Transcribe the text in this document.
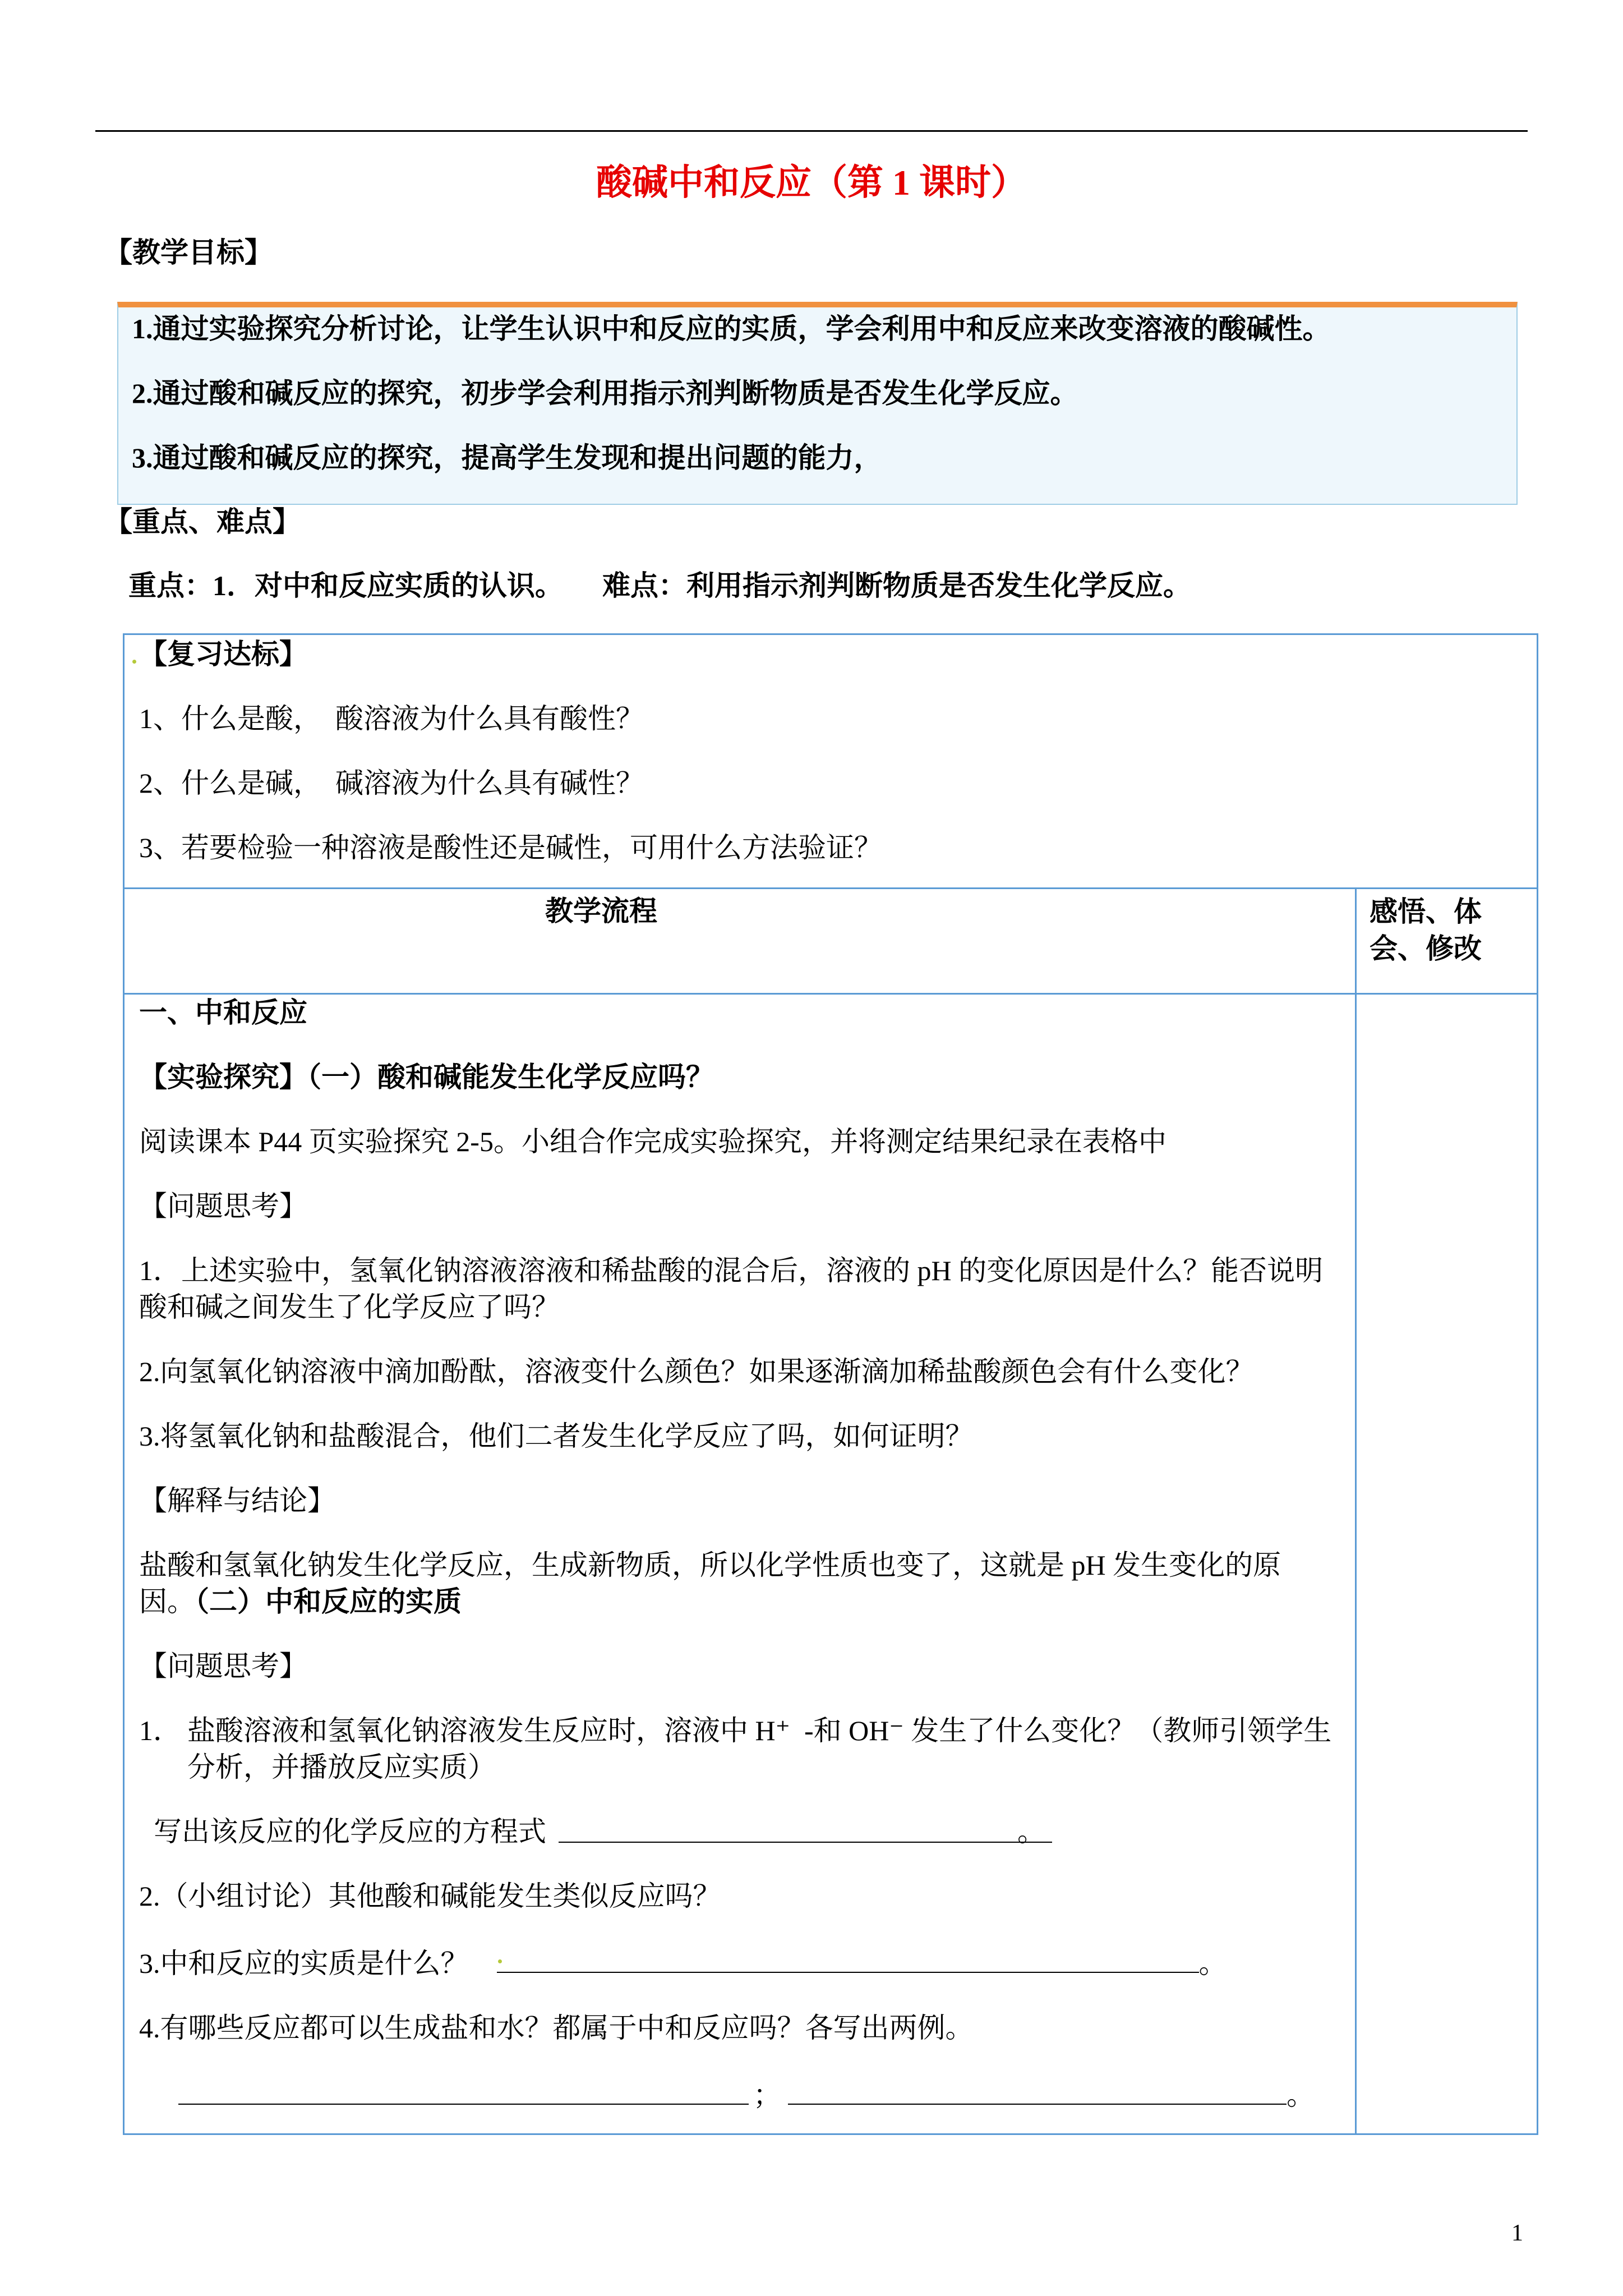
酸碱中和反应（第 1 课时）
【教学目标】

1.通过实验探究分析讨论，让学生认识中和反应的实质，学会利用中和反应来改变溶液的酸碱性。

2.通过酸和碱反应的探究，初步学会利用指示剂判断物质是否发生化学反应。

3.通过酸和碱反应的探究，提高学生发现和提出问题的能力，

【重点、难点】
重点：1．对中和反应实质的认识。 难点：利用指示剂判断物质是否发生化学反应。

【复习达标】

1、什么是酸，  酸溶液为什么具有酸性？

2、什么是碱，  碱溶液为什么具有碱性？

3、若要检验一种溶液是酸性还是碱性，可用什么方法验证？

教学流程	感悟、体会、修改

一、中和反应

【实验探究】（一）酸和碱能发生化学反应吗？

阅读课本 P44 页实验探究 2-5。小组合作完成实验探究，并将测定结果纪录在表格中

【问题思考】

1．上述实验中，氢氧化钠溶液溶液和稀盐酸的混合后，溶液的 pH 的变化原因是什么？能否说明

酸和碱之间发生了化学反应了吗？

2.向氢氧化钠溶液中滴加酚酞，溶液变什么颜色？如果逐渐滴加稀盐酸颜色会有什么变化？

3.将氢氧化钠和盐酸混合，他们二者发生化学反应了吗，如何证明？

【解释与结论】

盐酸和氢氧化钠发生化学反应，生成新物质，所以化学性质也变了，这就是 pH 发生变化的原

因。（二）中和反应的实质

【问题思考】

1． 盐酸溶液和氢氧化钠溶液发生反应时，溶液中 H⁺  -和 OH⁻ 发生了什么变化？（教师引领学生

分析，并播放反应实质）

写出该反应的化学反应的方程式	。

2.（小组讨论）其他酸和碱能发生类似反应吗？

3.中和反应的实质是什么？	。

4.有哪些反应都可以生成盐和水？都属于中和反应吗？各写出两例。

；	。

1
